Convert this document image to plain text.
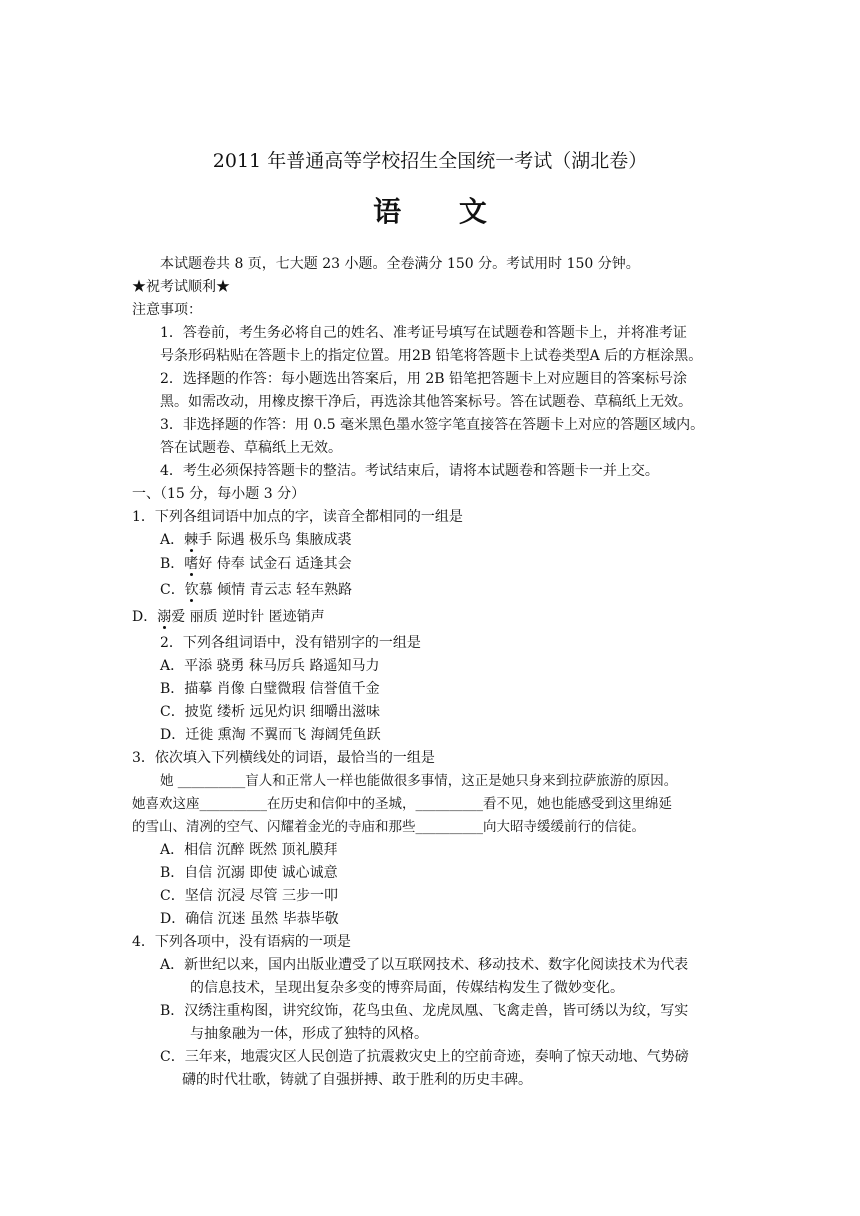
2011 年普通高等学校招生全国统一考试（湖北卷）
语 文
本试题卷共 8 页，七大题 23 小题。全卷满分 150 分。考试用时 150 分钟。
★祝考试顺利★
注意事项：
1．答卷前，考生务必将自己的姓名、准考证号填写在试题卷和答题卡上，并将准考证
号条形码粘贴在答题卡上的指定位置。用2B 铅笔将答题卡上试卷类型A 后的方框涂黑。
2．选择题的作答：每小题选出答案后，用 2B 铅笔把答题卡上对应题目的答案标号涂
黑。如需改动，用橡皮擦干净后，再选涂其他答案标号。答在试题卷、草稿纸上无效。
3．非选择题的作答：用 0.5 毫米黑色墨水签字笔直接答在答题卡上对应的答题区域内。
答在试题卷、草稿纸上无效。
4．考生必须保持答题卡的整洁。考试结束后，请将本试题卷和答题卡一并上交。
一、（15 分，每小题 3 分）
1．下列各组词语中加点的字，读音全都相同的一组是
A．棘手 际遇 极乐鸟 集腋成裘
B．嗜好 侍奉 试金石 适逢其会
C．钦慕 倾情 青云志 轻车熟路
D．溺爱 丽质 逆时针 匿迹销声
2．下列各组词语中，没有错别字的一组是
A．平添 骁勇 秣马厉兵 路遥知马力
B．描摹 肖像 白璧微瑕 信誉值千金
C．披览 缕析 远见灼识 细嚼出滋味
D．迁徙 熏淘 不翼而飞 海阔凭鱼跃
3．依次填入下列横线处的词语，最恰当的一组是
她 __________盲人和正常人一样也能做很多事情，这正是她只身来到拉萨旅游的原因。
她喜欢这座__________在历史和信仰中的圣城，__________看不见，她也能感受到这里绵延
的雪山、清冽的空气、闪耀着金光的寺庙和那些__________向大昭寺缓缓前行的信徒。
A．相信 沉醉 既然 顶礼膜拜
B．自信 沉溺 即使 诚心诚意
C．坚信 沉浸 尽管 三步一叩
D．确信 沉迷 虽然 毕恭毕敬
4．下列各项中，没有语病的一项是
A．新世纪以来，国内出版业遭受了以互联网技术、移动技术、数字化阅读技术为代表
的信息技术，呈现出复杂多变的博弈局面，传媒结构发生了微妙变化。
B．汉绣注重构图，讲究纹饰，花鸟虫鱼、龙虎凤凰、飞禽走兽，皆可绣以为纹，写实
与抽象融为一体，形成了独特的风格。
C．三年来，地震灾区人民创造了抗震救灾史上的空前奇迹，奏响了惊天动地、气势磅
礴的时代壮歌，铸就了自强拼搏、敢于胜利的历史丰碑。
